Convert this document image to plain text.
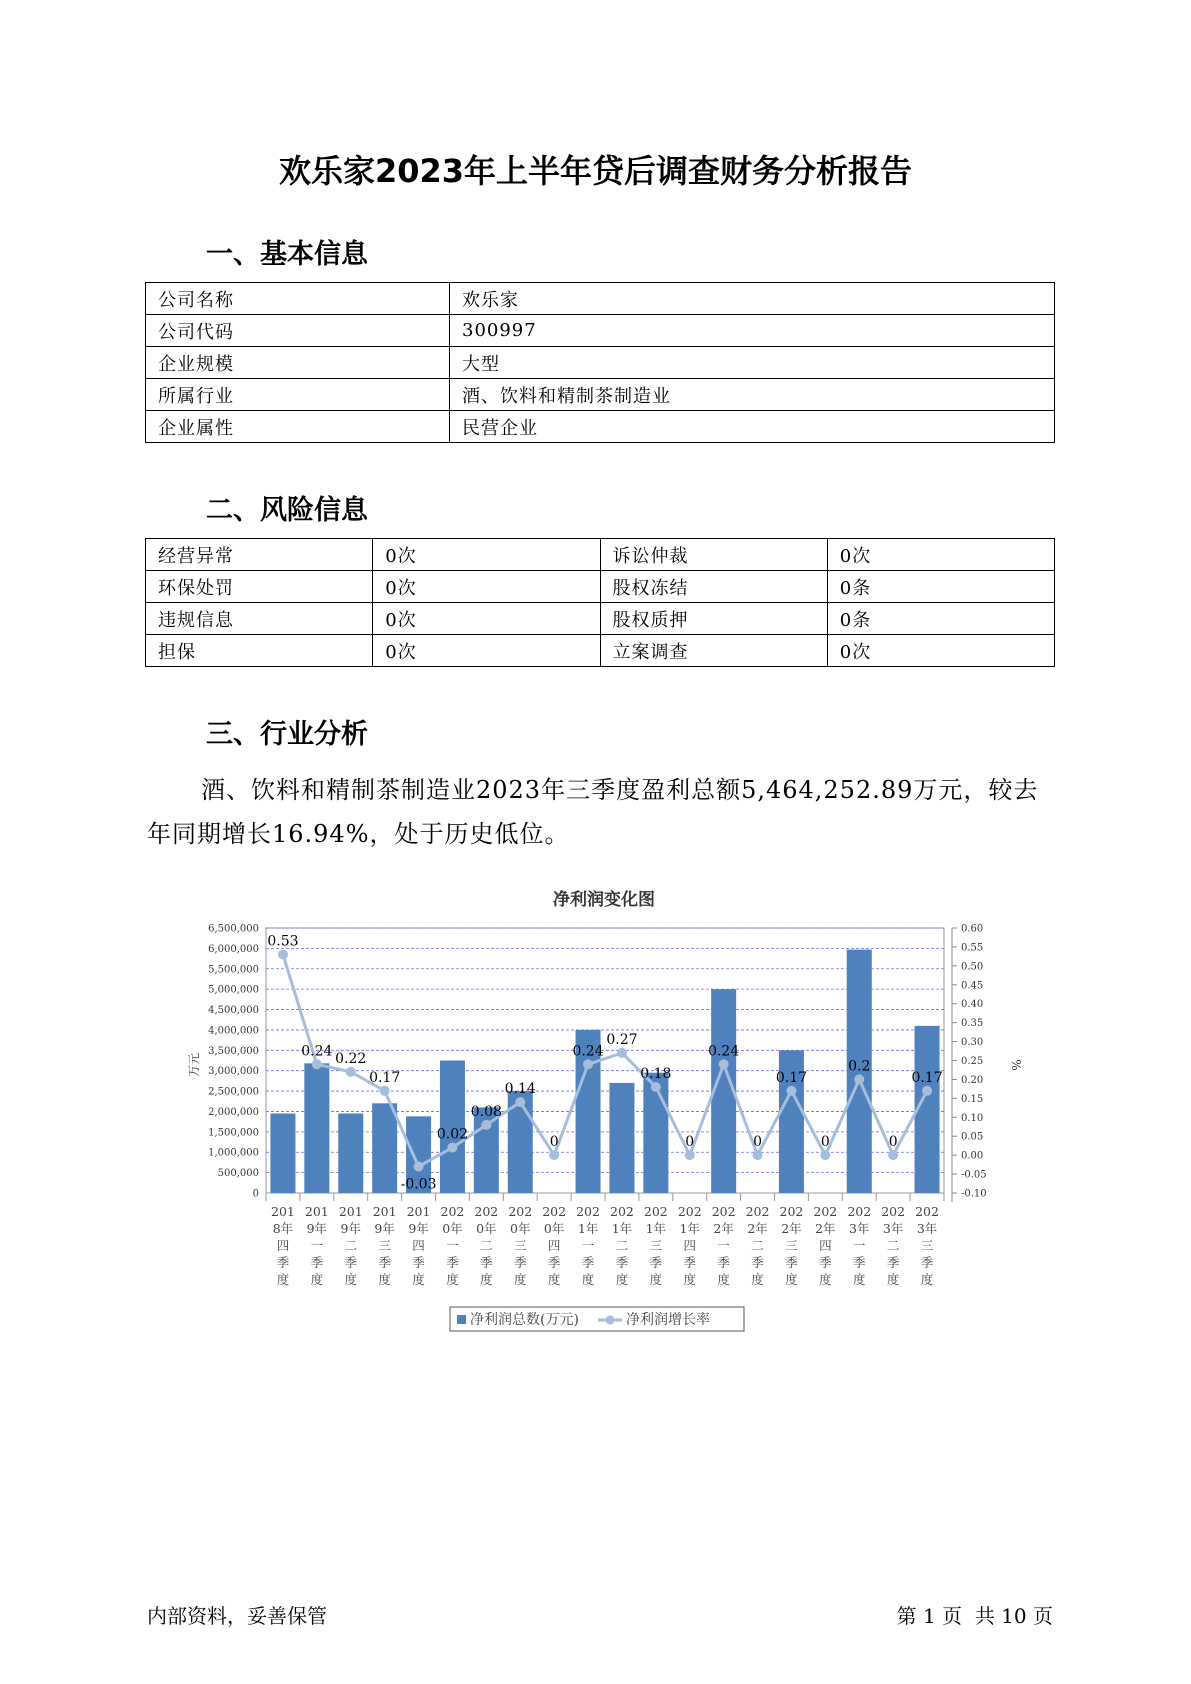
欢乐家2023年上半年贷后调查财务分析报告
一、基本信息
公司名称	欢乐家
公司代码	300997
企业规模	大型
所属行业	酒、饮料和精制茶制造业
企业属性	民营企业
二、风险信息
经营异常	0次	诉讼仲裁	0次
环保处罚	0次	股权冻结	0条
违规信息	0次	股权质押	0条
担保	0次	立案调查	0次
三、行业分析
酒、饮料和精制茶制造业2023年三季度盈利总额5,464,252.89万元，较去年同期增长16.94%，处于历史低位。
净利润变化图
0
500,000
1,000,000
1,500,000
2,000,000
2,500,000
3,000,000
3,500,000
4,000,000
4,500,000
5,000,000
5,500,000
6,000,000
6,500,000
-0.10
-0.05
0.00
0.05
0.10
0.15
0.20
0.25
0.30
0.35
0.40
0.45
0.50
0.55
0.60
万元	%
201 8年四季度
201 9年一季度
201 9年二季度
201 9年三季度
201 9年四季度
202 0年一季度
202 0年二季度
202 0年三季度
202 0年四季度
202 1年一季度
202 1年二季度
202 1年三季度
202 1年四季度
202 2年一季度
202 2年二季度
202 2年三季度
202 2年四季度
202 3年一季度
202 3年二季度
202 3年三季度
0.53
0.24 0.22
0.17
-0.03
0.02
0.08
0.14
0
0.24
0.27
0.18
0
0.24
0
0.17
0
0.2
0
0.17
净利润总数(万元)	净利润增长率
内部资料，妥善保管	第 1 页  共 10 页
